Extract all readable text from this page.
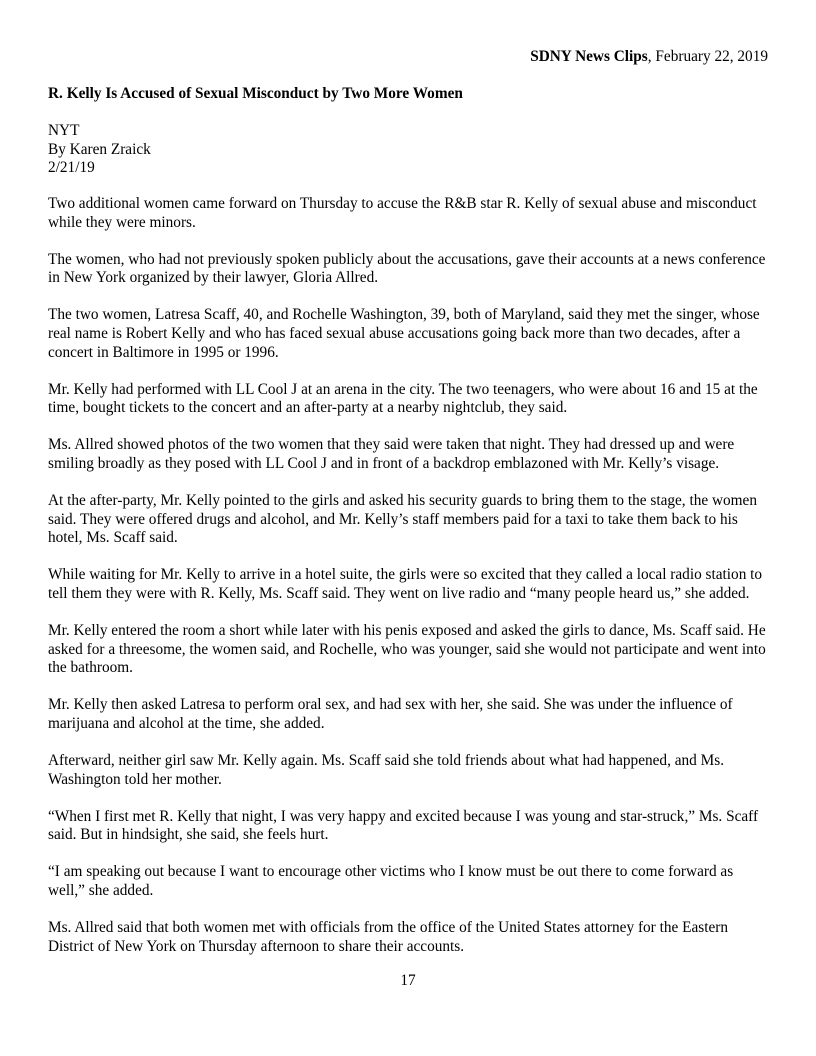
SDNY News Clips, February 22, 2019
R. Kelly Is Accused of Sexual Misconduct by Two More Women
NYT
By Karen Zraick
2/21/19

Two additional women came forward on Thursday to accuse the R&B star R. Kelly of sexual abuse and misconduct while they were minors.

The women, who had not previously spoken publicly about the accusations, gave their accounts at a news conference in New York organized by their lawyer, Gloria Allred.

The two women, Latresa Scaff, 40, and Rochelle Washington, 39, both of Maryland, said they met the singer, whose real name is Robert Kelly and who has faced sexual abuse accusations going back more than two decades, after a concert in Baltimore in 1995 or 1996.

Mr. Kelly had performed with LL Cool J at an arena in the city. The two teenagers, who were about 16 and 15 at the time, bought tickets to the concert and an after-party at a nearby nightclub, they said.

Ms. Allred showed photos of the two women that they said were taken that night. They had dressed up and were smiling broadly as they posed with LL Cool J and in front of a backdrop emblazoned with Mr. Kelly’s visage.

At the after-party, Mr. Kelly pointed to the girls and asked his security guards to bring them to the stage, the women said. They were offered drugs and alcohol, and Mr. Kelly’s staff members paid for a taxi to take them back to his hotel, Ms. Scaff said.

While waiting for Mr. Kelly to arrive in a hotel suite, the girls were so excited that they called a local radio station to tell them they were with R. Kelly, Ms. Scaff said. They went on live radio and “many people heard us,” she added.

Mr. Kelly entered the room a short while later with his penis exposed and asked the girls to dance, Ms. Scaff said. He asked for a threesome, the women said, and Rochelle, who was younger, said she would not participate and went into the bathroom.

Mr. Kelly then asked Latresa to perform oral sex, and had sex with her, she said. She was under the influence of marijuana and alcohol at the time, she added.

Afterward, neither girl saw Mr. Kelly again. Ms. Scaff said she told friends about what had happened, and Ms. Washington told her mother.

“When I first met R. Kelly that night, I was very happy and excited because I was young and star-struck,” Ms. Scaff said. But in hindsight, she said, she feels hurt.

“I am speaking out because I want to encourage other victims who I know must be out there to come forward as well,” she added.

Ms. Allred said that both women met with officials from the office of the United States attorney for the Eastern District of New York on Thursday afternoon to share their accounts.

17
